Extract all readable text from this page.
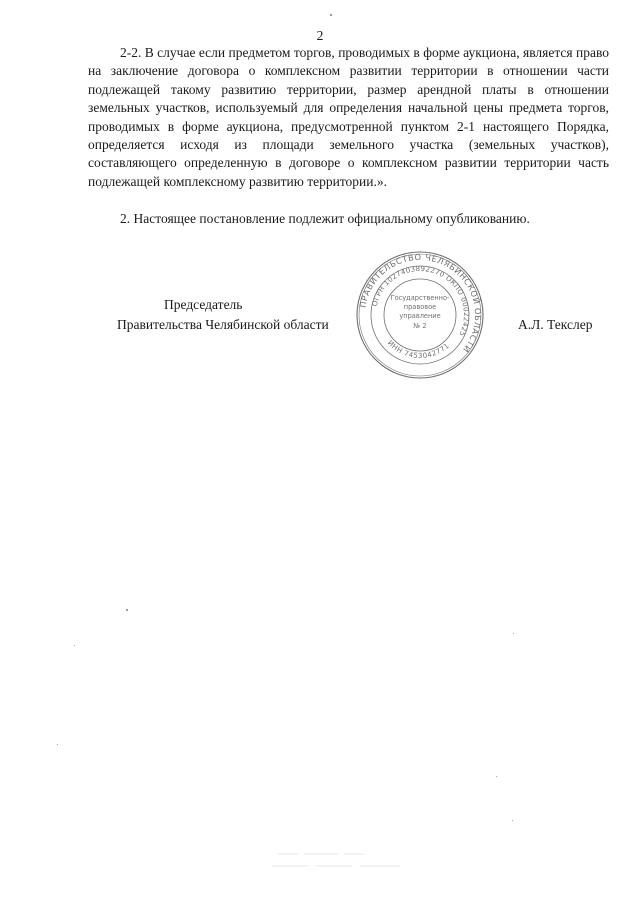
2

2-2. В случае если предметом торгов, проводимых в форме аукциона, является право на заключение договора о комплексном развитии территории в отношении части подлежащей такому развитию территории, размер арендной платы в отношении земельных участков, используемый для определения начальной цены предмета торгов, проводимых в форме аукциона, предусмотренной пунктом 2-1 настоящего Порядка, определяется исходя из площади земельного участка (земельных участков), составляющего определенную в договоре о комплексном развитии территории часть подлежащей комплексному развитию территории.».

2. Настоящее постановление подлежит официальному опубликованию.

ПРАВИТЕЛЬСТВО ЧЕЛЯБИНСКОЙ ОБЛАСТИ
ОГРН 1027403892270 ОКПО 00022425
ИНН 7453042771
Государственно-
правовое
управление
№ 2
Председатель
Правительства Челябинской области	А.Л. Текслер
